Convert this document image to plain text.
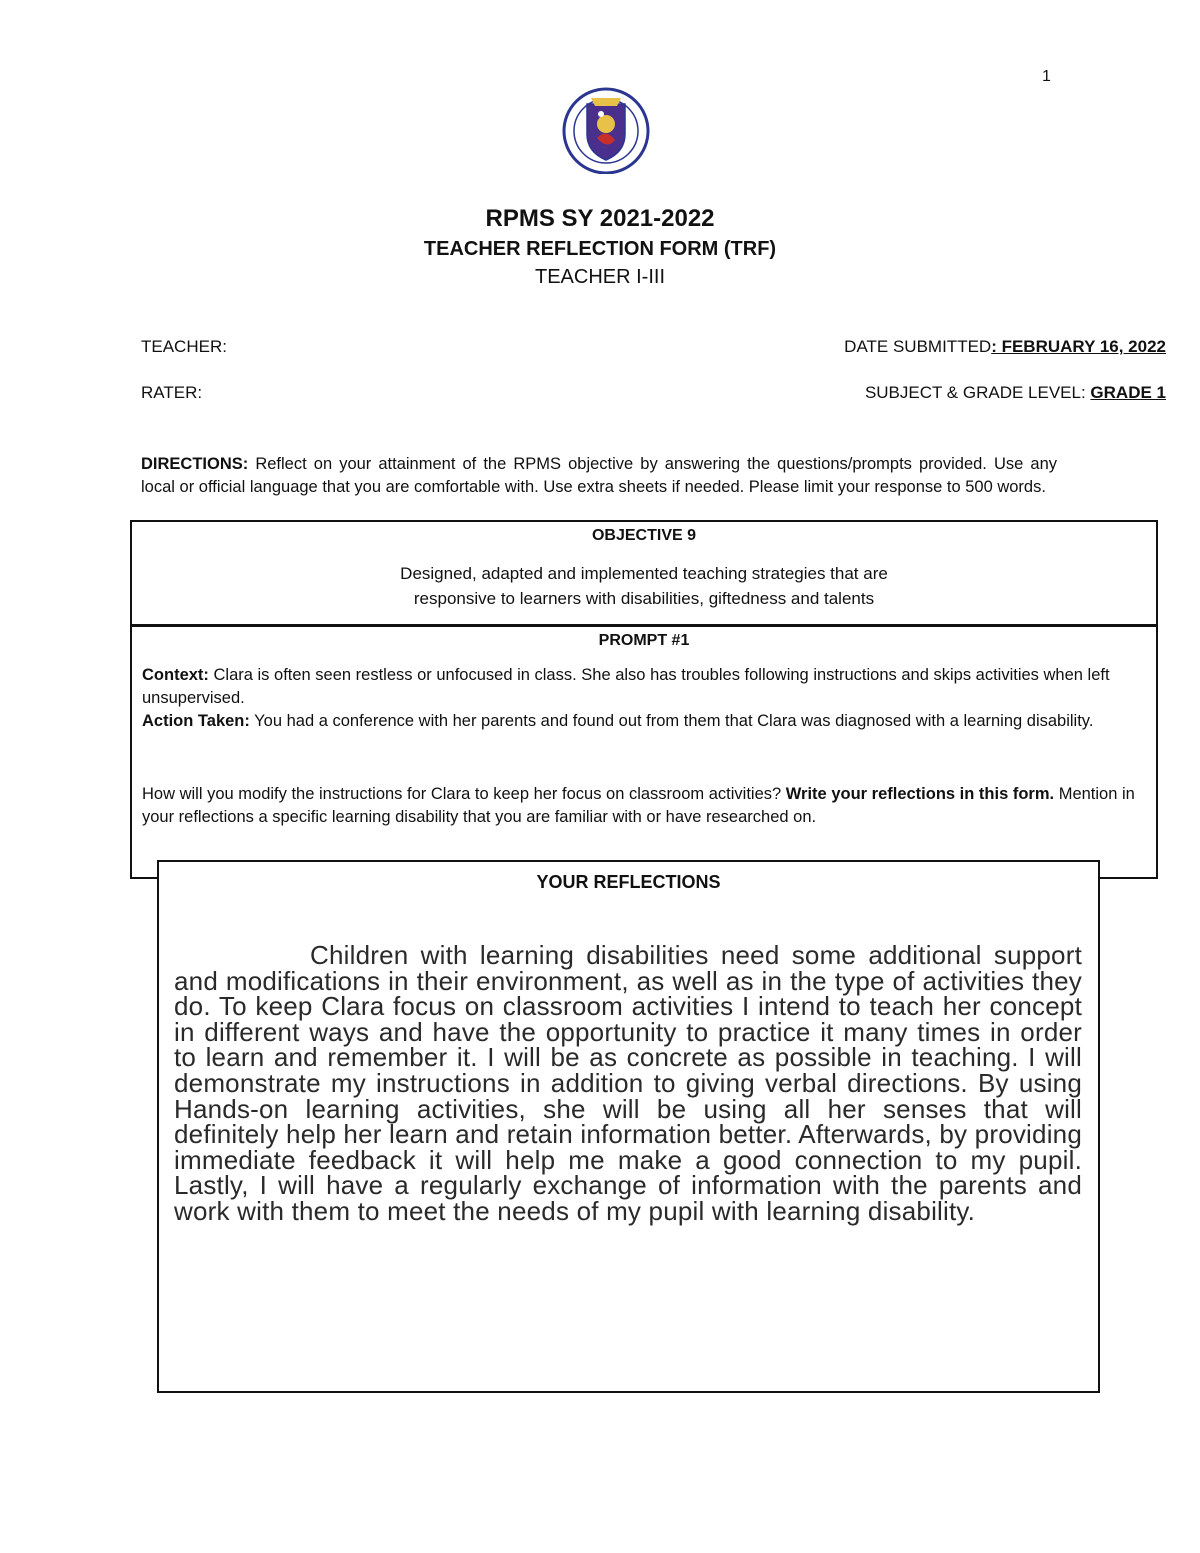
1
RPMS SY 2021-2022
TEACHER REFLECTION FORM (TRF)
TEACHER I-III
TEACHER:	DATE SUBMITTED: FEBRUARY 16, 2022
RATER:	SUBJECT & GRADE LEVEL: GRADE 1
DIRECTIONS: Reflect on your attainment of the RPMS objective by answering the questions/prompts provided. Use any local or official language that you are comfortable with. Use extra sheets if needed. Please limit your response to 500 words.
OBJECTIVE 9
Designed, adapted and implemented teaching strategies that are
responsive to learners with disabilities, giftedness and talents
PROMPT #1
Context: Clara is often seen restless or unfocused in class. She also has troubles following instructions and skips activities when left unsupervised.
Action Taken: You had a conference with her parents and found out from them that Clara was diagnosed with a learning disability.
How will you modify the instructions for Clara to keep her focus on classroom activities? Write your reflections in this form. Mention in your reflections a specific learning disability that you are familiar with or have researched on.
YOUR REFLECTIONS
Children with learning disabilities need some additional support and modifications in their environment, as well as in the type of activities they do. To keep Clara focus on classroom activities I intend to teach her concept in different ways and have the opportunity to practice it many times in order to learn and remember it. I will be as concrete as possible in teaching. I will demonstrate my instructions in addition to giving verbal directions. By using Hands-on learning activities, she will be using all her senses that will definitely help her learn and retain information better. Afterwards, by providing immediate feedback it will help me make a good connection to my pupil. Lastly, I will have a regularly exchange of information with the parents and work with them to meet the needs of my pupil with learning disability.
